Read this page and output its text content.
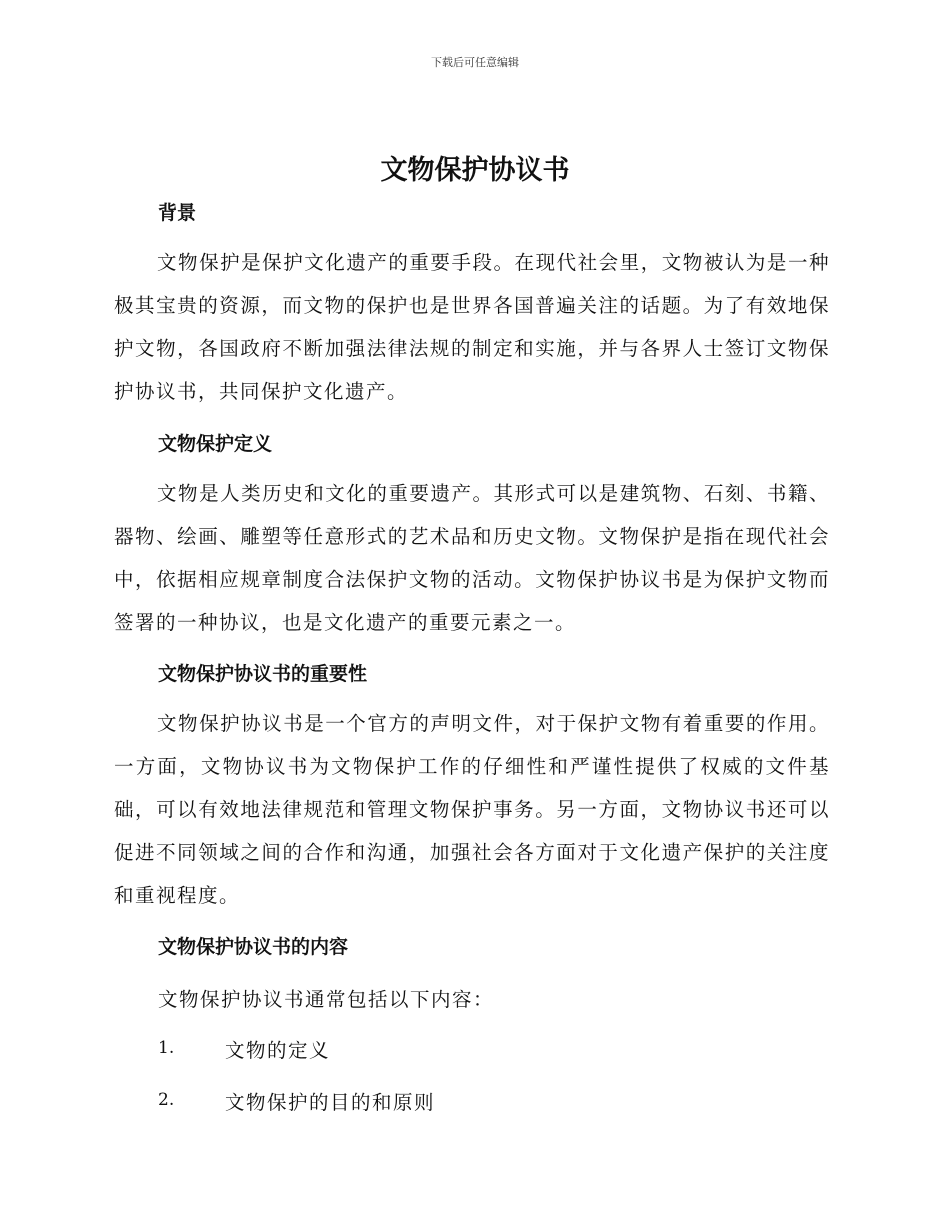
下载后可任意编辑
文物保护协议书
背景
文物保护是保护文化遗产的重要手段。在现代社会里，文物被认为是一种极其宝贵的资源，而文物的保护也是世界各国普遍关注的话题。为了有效地保护文物，各国政府不断加强法律法规的制定和实施，并与各界人士签订文物保护协议书，共同保护文化遗产。
文物保护定义
文物是人类历史和文化的重要遗产。其形式可以是建筑物、石刻、书籍、器物、绘画、雕塑等任意形式的艺术品和历史文物。文物保护是指在现代社会中，依据相应规章制度合法保护文物的活动。文物保护协议书是为保护文物而签署的一种协议，也是文化遗产的重要元素之一。
文物保护协议书的重要性
文物保护协议书是一个官方的声明文件，对于保护文物有着重要的作用。一方面，文物协议书为文物保护工作的仔细性和严谨性提供了权威的文件基础，可以有效地法律规范和管理文物保护事务。另一方面，文物协议书还可以促进不同领域之间的合作和沟通，加强社会各方面对于文化遗产保护的关注度和重视程度。
文物保护协议书的内容
文物保护协议书通常包括以下内容：
1.	文物的定义
2.	文物保护的目的和原则
